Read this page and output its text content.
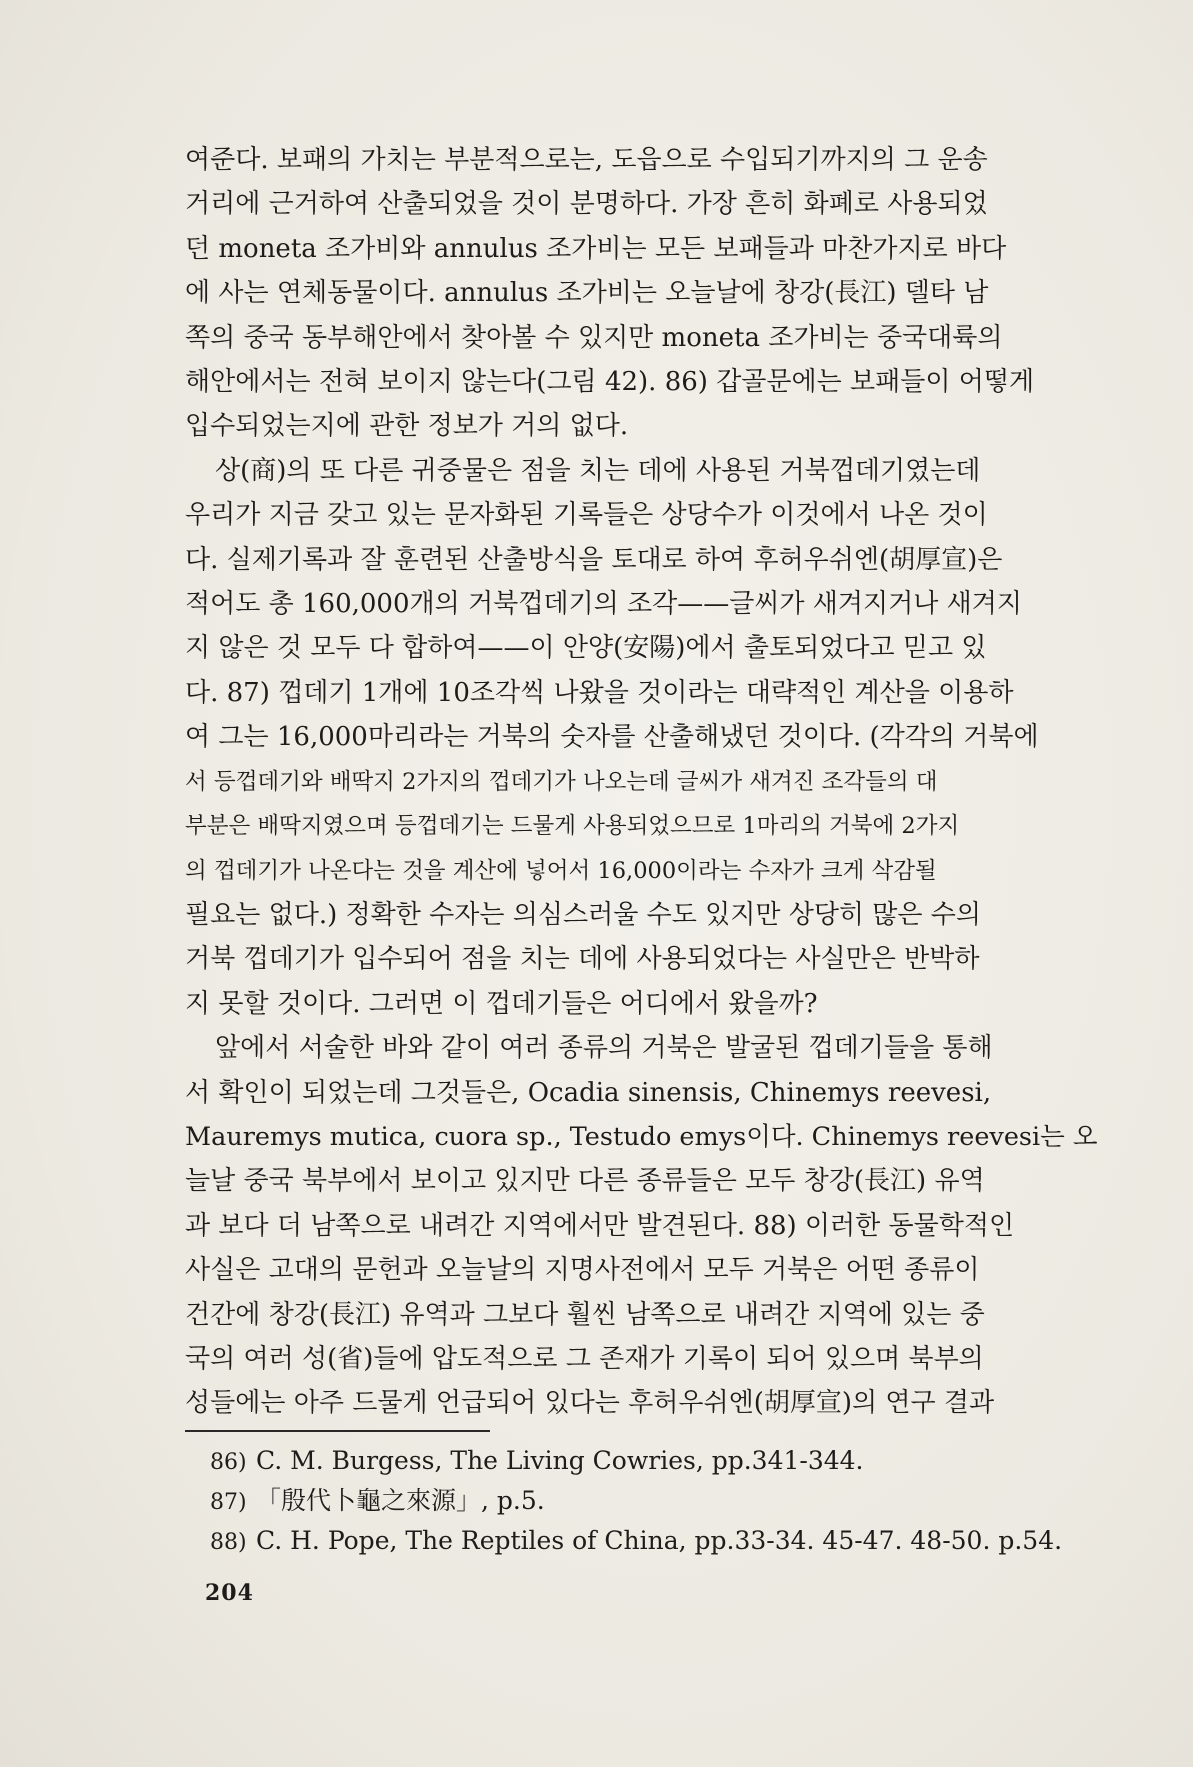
여준다. 보패의 가치는 부분적으로는, 도읍으로 수입되기까지의 그 운송

거리에 근거하여 산출되었을 것이 분명하다. 가장 흔히 화폐로 사용되었

던 moneta 조가비와 annulus 조가비는 모든 보패들과 마찬가지로 바다

에 사는 연체동물이다. annulus 조가비는 오늘날에 창강(長江) 델타 남

쪽의 중국 동부해안에서 찾아볼 수 있지만 moneta 조가비는 중국대륙의

해안에서는 전혀 보이지 않는다(그림 42). 86) 갑골문에는 보패들이 어떻게

입수되었는지에 관한 정보가 거의 없다.

상(商)의 또 다른 귀중물은 점을 치는 데에 사용된 거북껍데기였는데

우리가 지금 갖고 있는 문자화된 기록들은 상당수가 이것에서 나온 것이

다. 실제기록과 잘 훈련된 산출방식을 토대로 하여 후허우쉬엔(胡厚宣)은

적어도 총 160,000개의 거북껍데기의 조각——글씨가 새겨지거나 새겨지

지 않은 것 모두 다 합하여——이 안양(安陽)에서 출토되었다고 믿고 있

다. 87) 껍데기 1개에 10조각씩 나왔을 것이라는 대략적인 계산을 이용하

여 그는 16,000마리라는 거북의 숫자를 산출해냈던 것이다. (각각의 거북에

서 등껍데기와 배딱지 2가지의 껍데기가 나오는데 글씨가 새겨진 조각들의 대

부분은 배딱지였으며 등껍데기는 드물게 사용되었으므로 1마리의 거북에 2가지

의 껍데기가 나온다는 것을 계산에 넣어서 16,000이라는 수자가 크게 삭감될

필요는 없다.) 정확한 수자는 의심스러울 수도 있지만 상당히 많은 수의

거북 껍데기가 입수되어 점을 치는 데에 사용되었다는 사실만은 반박하

지 못할 것이다. 그러면 이 껍데기들은 어디에서 왔을까?

앞에서 서술한 바와 같이 여러 종류의 거북은 발굴된 껍데기들을 통해

서 확인이 되었는데 그것들은, Ocadia sinensis, Chinemys reevesi,

Mauremys mutica, cuora sp., Testudo emys이다. Chinemys reevesi는 오

늘날 중국 북부에서 보이고 있지만 다른 종류들은 모두 창강(長江) 유역

과 보다 더 남쪽으로 내려간 지역에서만 발견된다. 88) 이러한 동물학적인

사실은 고대의 문헌과 오늘날의 지명사전에서 모두 거북은 어떤 종류이

건간에 창강(長江) 유역과 그보다 훨씬 남쪽으로 내려간 지역에 있는 중

국의 여러 성(省)들에 압도적으로 그 존재가 기록이 되어 있으며 북부의

성들에는 아주 드물게 언급되어 있다는 후허우쉬엔(胡厚宣)의 연구 결과

86) C. M. Burgess, The Living Cowries, pp.341-344.

87) 「殷代卜龜之來源」, p.5.

88) C. H. Pope, The Reptiles of China, pp.33-34. 45-47. 48-50. p.54.

204
